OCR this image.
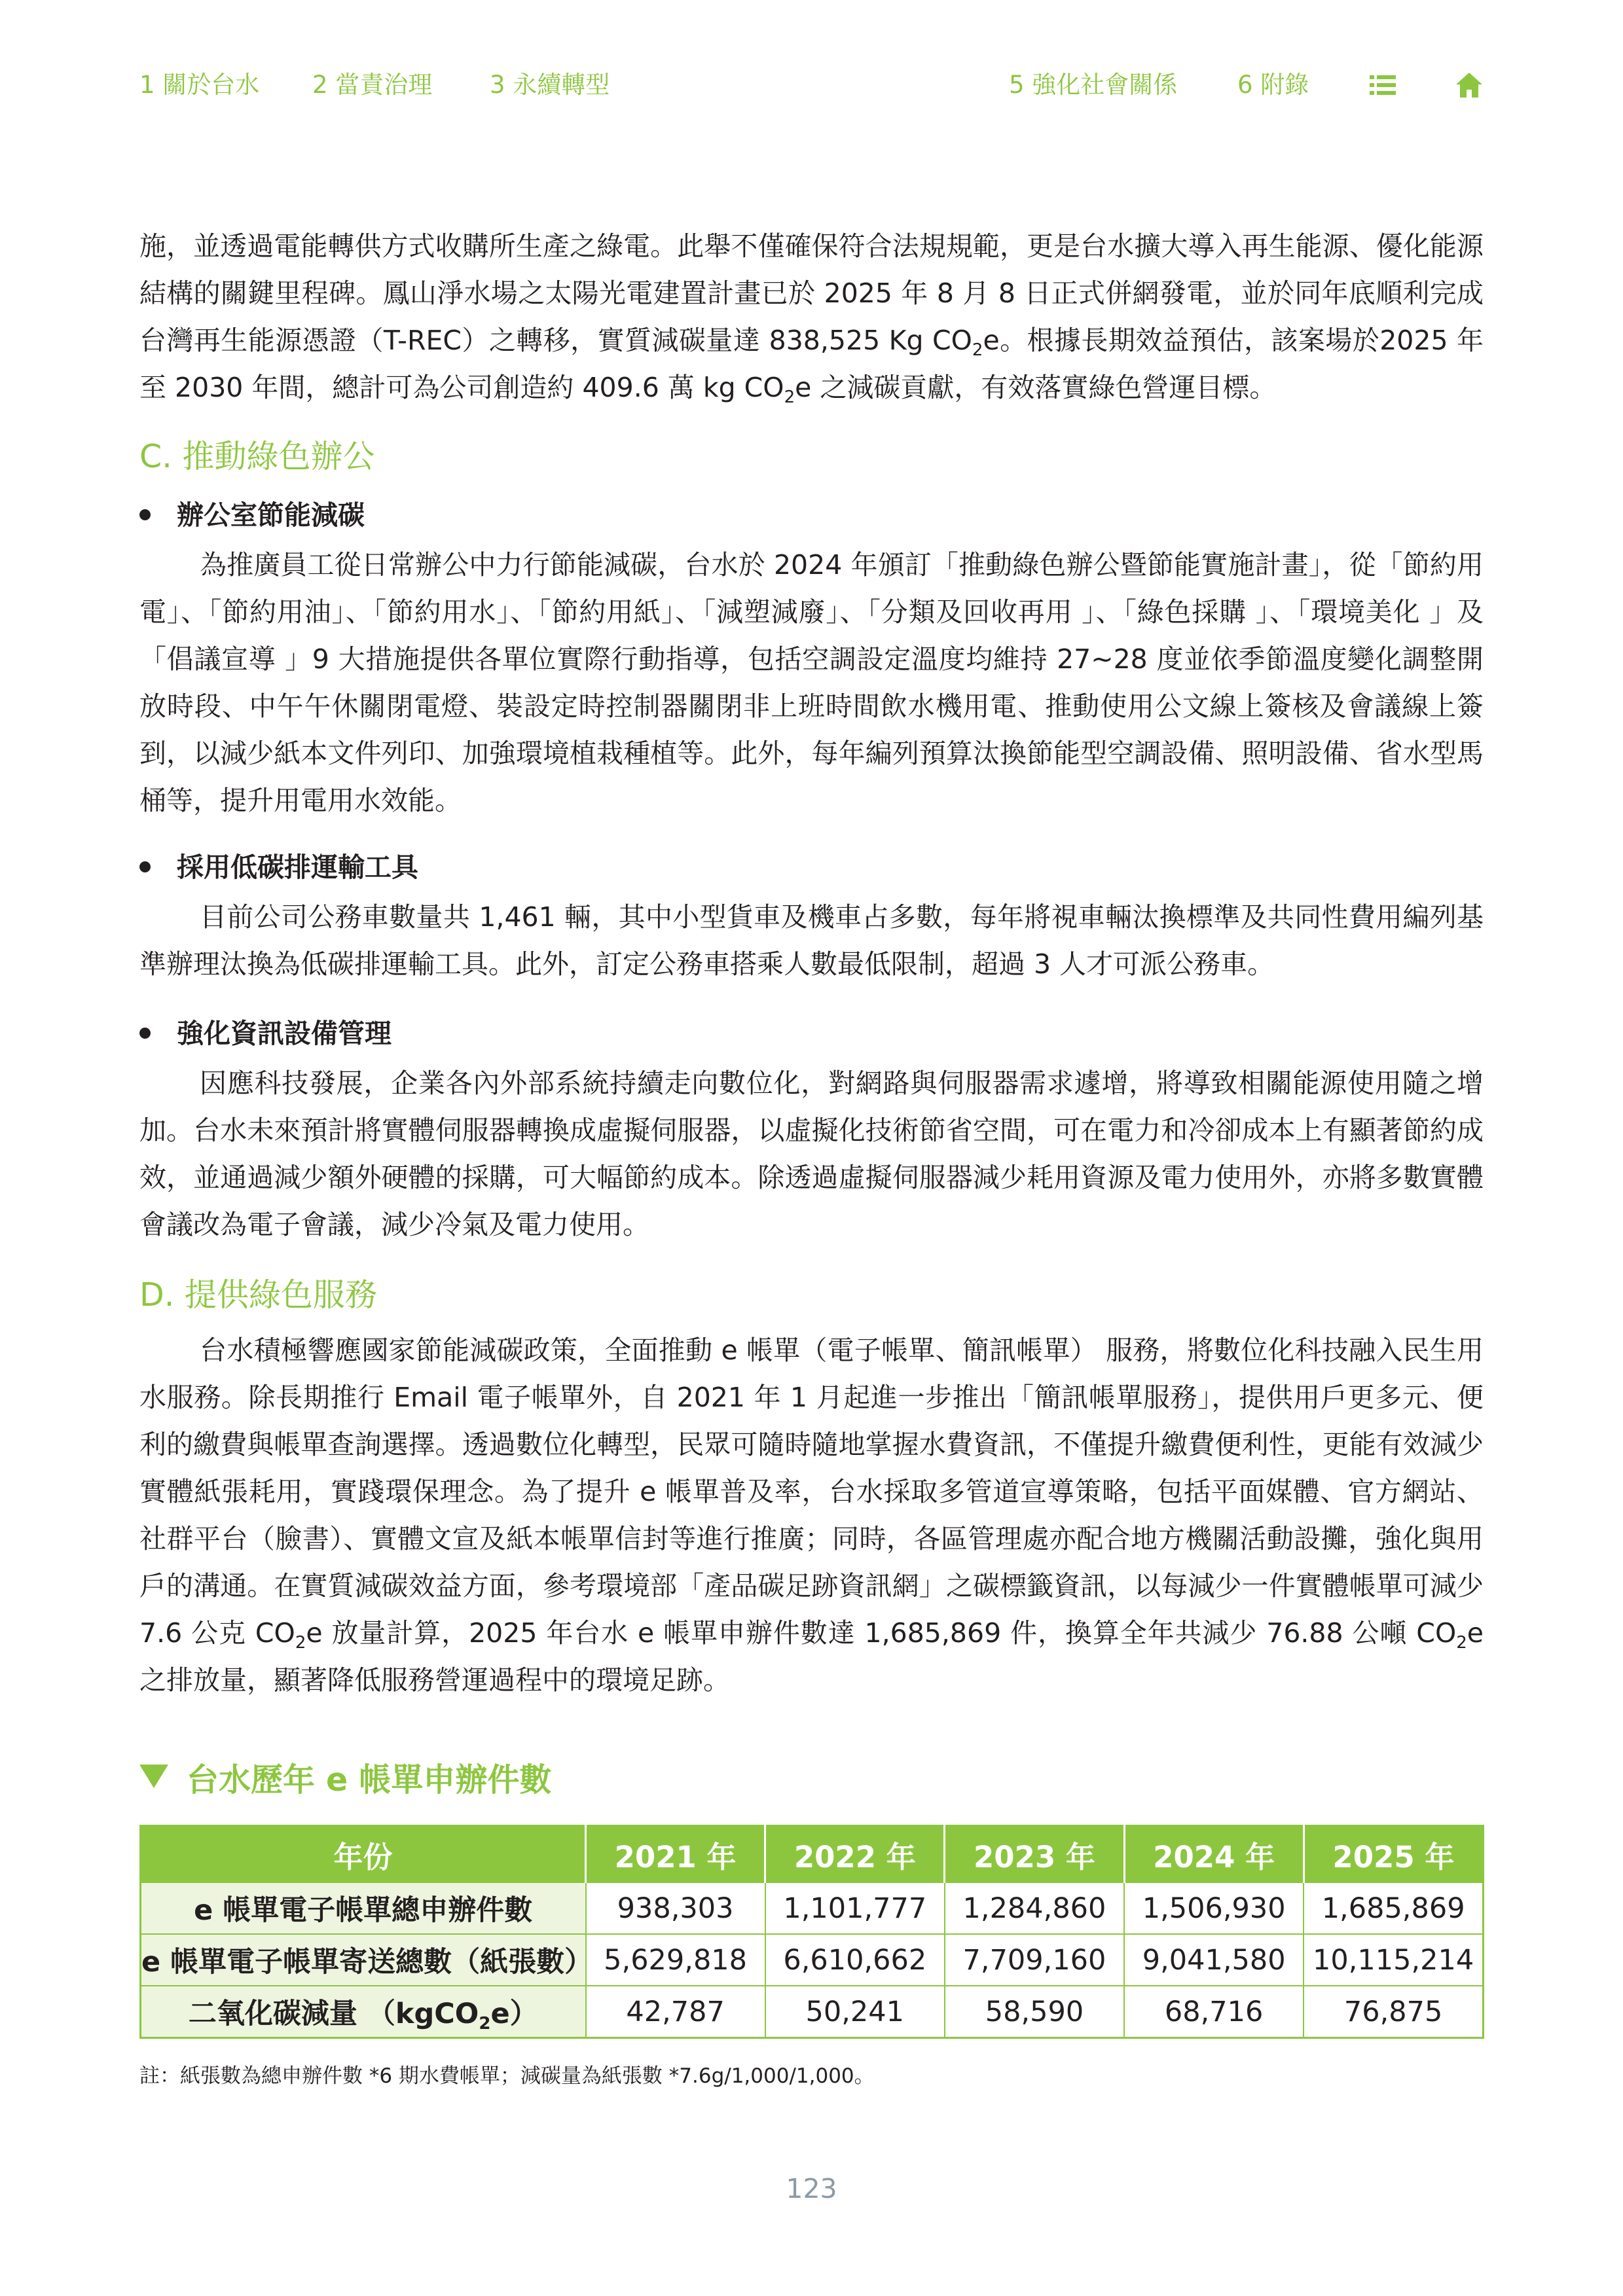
1 關於台水 2 當責治理 3 永續轉型	5 強化社會關係 6 附錄

施，並透過電能轉供方式收購所生產之綠電。此舉不僅確保符合法規規範，更是台水擴大導入再生能源、優化能源結構的關鍵里程碑。鳳山淨水場之太陽光電建置計畫已於 2025 年 8 月 8 日正式併網發電，並於同年底順利完成台灣再生能源憑證（T-REC）之轉移，實質減碳量達 838,525 Kg $CO_2e$。根據長期效益預估，該案場於2025 年至 2030 年間，總計可為公司創造約 409.6 萬 kg $CO_2e$ 之減碳貢獻，有效落實綠色營運目標。

C. 推動綠色辦公
辦公室節能減碳

為推廣員工從日常辦公中力行節能減碳，台水於 2024 年頒訂「推動綠色辦公暨節能實施計畫」，從「節約用電」、「節約用油」、「節約用水」、「節約用紙」、「減塑減廢」、「分類及回收再用 」、「綠色採購 」、「環境美化 」及「倡議宣導 」9 大措施提供各單位實際行動指導，包括空調設定溫度均維持 27~28 度並依季節溫度變化調整開放時段、中午午休關閉電燈、裝設定時控制器關閉非上班時間飲水機用電、推動使用公文線上簽核及會議線上簽到，以減少紙本文件列印、加強環境植栽種植等。此外，每年編列預算汰換節能型空調設備、照明設備、省水型馬桶等，提升用電用水效能。

採用低碳排運輸工具

目前公司公務車數量共 1,461 輛，其中小型貨車及機車占多數，每年將視車輛汰換標準及共同性費用編列基準辦理汰換為低碳排運輸工具。此外，訂定公務車搭乘人數最低限制，超過 3 人才可派公務車。

強化資訊設備管理

因應科技發展，企業各內外部系統持續走向數位化，對網路與伺服器需求遽增，將導致相關能源使用隨之增加。台水未來預計將實體伺服器轉換成虛擬伺服器，以虛擬化技術節省空間，可在電力和冷卻成本上有顯著節約成效，並通過減少額外硬體的採購，可大幅節約成本。除透過虛擬伺服器減少耗用資源及電力使用外，亦將多數實體會議改為電子會議，減少冷氣及電力使用。

D. 提供綠色服務

台水積極響應國家節能減碳政策，全面推動 e 帳單（電子帳單、簡訊帳單） 服務，將數位化科技融入民生用水服務。除長期推行 Email 電子帳單外，自 2021 年 1 月起進一步推出「簡訊帳單服務」，提供用戶更多元、便利的繳費與帳單查詢選擇。透過數位化轉型，民眾可隨時隨地掌握水費資訊，不僅提升繳費便利性，更能有效減少實體紙張耗用，實踐環保理念。為了提升 e 帳單普及率，台水採取多管道宣導策略，包括平面媒體、官方網站、社群平台（臉書）、實體文宣及紙本帳單信封等進行推廣；同時，各區管理處亦配合地方機關活動設攤，強化與用戶的溝通。在實質減碳效益方面，參考環境部「產品碳足跡資訊網」之碳標籤資訊，以每減少一件實體帳單可減少 7.6 公克 $CO_2e$ 放量計算，2025 年台水 e 帳單申辦件數達 1,685,869 件，換算全年共減少 76.88 公噸 $CO_2e$ 之排放量，顯著降低服務營運過程中的環境足跡。

台水歷年 e 帳單申辦件數
年份	2021 年	2022 年	2023 年	2024 年	2025 年
e 帳單電子帳單總申辦件數	938,303	1,101,777	1,284,860	1,506,930	1,685,869
e 帳單電子帳單寄送總數（紙張數）	5,629,818	6,610,662	7,709,160	9,041,580	10,115,214
二氧化碳減量 （kgCO$_2$e）	42,787	50,241	58,590	68,716	76,875

註：紙張數為總申辦件數 *6 期水費帳單；減碳量為紙張數 *7.6g/1,000/1,000。

123
